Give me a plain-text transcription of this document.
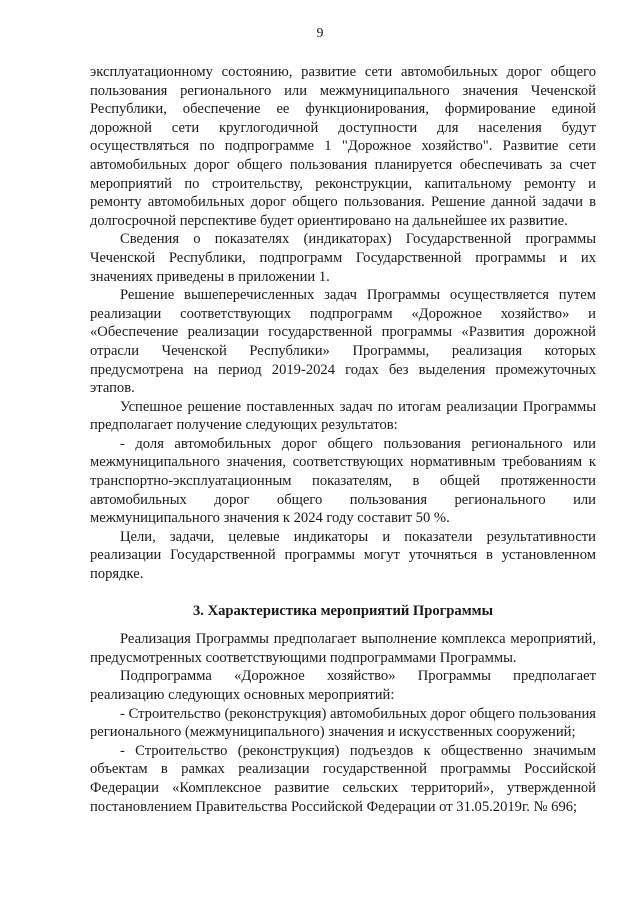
9

эксплуатационному состоянию, развитие сети автомобильных дорог общего пользования регионального или межмуниципального значения Чеченской Республики, обеспечение ее функционирования, формирование единой дорожной сети круглогодичной доступности для населения будут осуществляться по подпрограмме 1 "Дорожное хозяйство". Развитие сети автомобильных дорог общего пользования планируется обеспечивать за счет мероприятий по строительству, реконструкции, капитальному ремонту и ремонту автомобильных дорог общего пользования. Решение данной задачи в долгосрочной перспективе будет ориентировано на дальнейшее их развитие.

Сведения о показателях (индикаторах) Государственной программы Чеченской Республики, подпрограмм Государственной программы и их значениях приведены в приложении 1.

Решение вышеперечисленных задач Программы осуществляется путем реализации соответствующих подпрограмм «Дорожное хозяйство» и «Обеспечение реализации государственной программы «Развития дорожной отрасли Чеченской Республики» Программы, реализация которых предусмотрена на период 2019-2024 годах без выделения промежуточных этапов.

Успешное решение поставленных задач по итогам реализации Программы предполагает получение следующих результатов:

- доля автомобильных дорог общего пользования регионального или межмуниципального значения, соответствующих нормативным требованиям к транспортно-эксплуатационным показателям, в общей протяженности автомобильных дорог общего пользования регионального или межмуниципального значения к 2024 году составит 50 %.

Цели, задачи, целевые индикаторы и показатели результативности реализации Государственной программы могут уточняться в установленном порядке.

3. Характеристика мероприятий Программы

Реализация Программы предполагает выполнение комплекса мероприятий, предусмотренных соответствующими подпрограммами Программы.

Подпрограмма «Дорожное хозяйство» Программы предполагает реализацию следующих основных мероприятий:

- Строительство (реконструкция) автомобильных дорог общего пользования регионального (межмуниципального) значения и искусственных сооружений;

- Строительство (реконструкция) подъездов к общественно значимым объектам в рамках реализации государственной программы Российской Федерации «Комплексное развитие сельских территорий», утвержденной постановлением Правительства Российской Федерации от 31.05.2019г. № 696;
